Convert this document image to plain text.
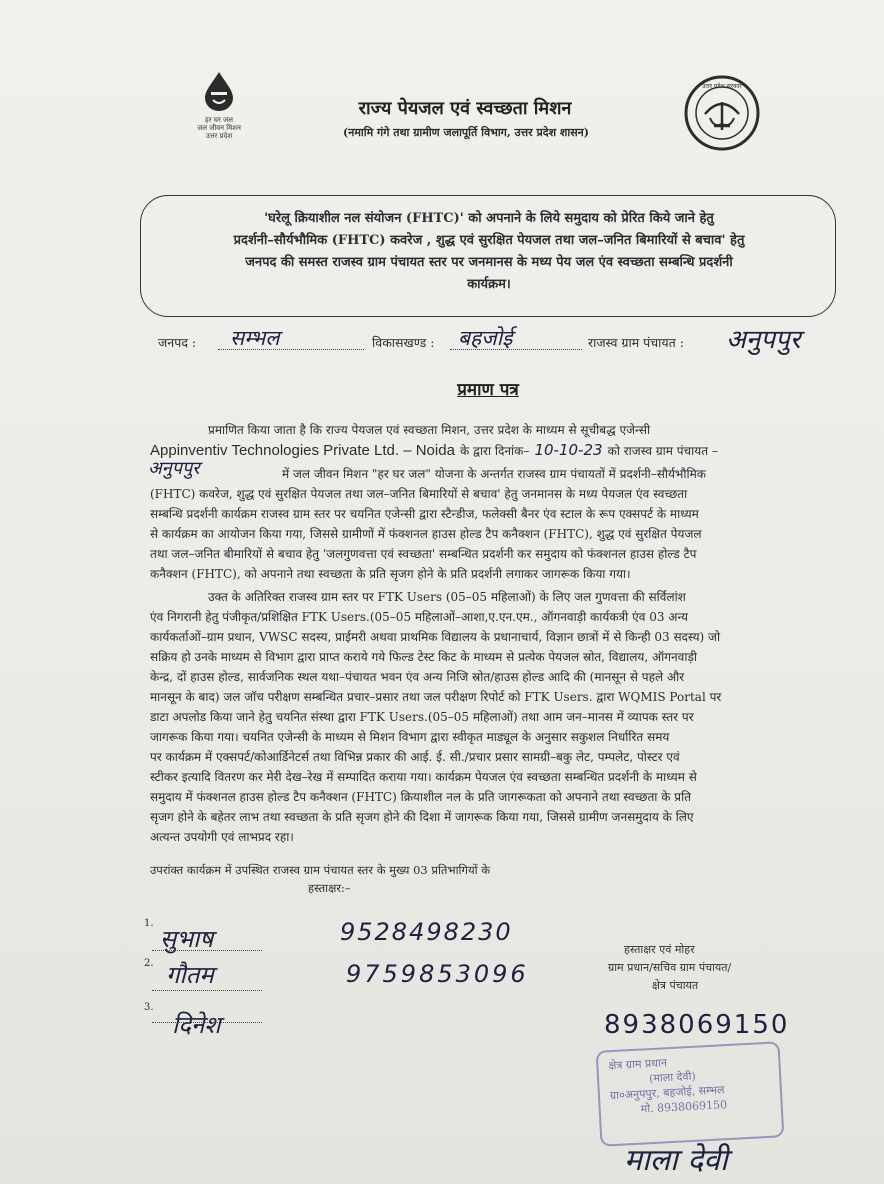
हर घर जल
जल जीवन मिशन
उत्तर प्रदेश
राज्य पेयजल एवं स्वच्छता मिशन
(नमामि गंगे तथा ग्रामीण जलापूर्ति विभाग, उत्तर प्रदेश शासन)
उत्तर प्रदेश सरकार
'घरेलू क्रियाशील नल संयोजन (FHTC)' को अपनाने के लिये समुदाय को प्रेरित किये जाने हेतु
प्रदर्शनी–सौर्यभौमिक (FHTC) कवरेज , शुद्ध एवं सुरक्षित पेयजल तथा जल–जनित बिमारियों से बचाव' हेतु
जनपद की समस्त राजस्व ग्राम पंचायत स्तर पर जनमानस के मध्य पेय जल एंव स्वच्छता सम्बन्धि प्रदर्शनी
कार्यक्रम।
जनपद : सम्भल	विकासखण्ड : बहजोई	राजस्व ग्राम पंचायत : अनुपपुर
प्रमाण पत्र
प्रमाणित किया जाता है कि राज्य पेयजल एवं स्वच्छता मिशन, उत्तर प्रदेश के माध्यम से सूचीबद्ध एजेन्सी
Appinventiv Technologies Private Ltd. – Noida के द्वारा दिनांक– 10-10-23 को राजस्व ग्राम पंचायत –
अनुपपुर	में जल जीवन मिशन "हर घर जल" योजना के अन्तर्गत राजस्व ग्राम पंचायतों में प्रदर्शनी–सौर्यभौमिक
(FHTC) कवरेज, शुद्ध एवं सुरक्षित पेयजल तथा जल–जनित बिमारियों से बचाव' हेतु जनमानस के मध्य पेयजल एंव स्वच्छता
सम्बन्धि प्रदर्शनी कार्यक्रम राजस्व ग्राम स्तर पर चयनित एजेन्सी द्वारा स्टैन्डीज, फलेक्सी बैनर एंव स्टाल के रूप एक्सपर्ट के माध्यम
से कार्यक्रम का आयोजन किया गया, जिससे ग्रामीणों में फंक्शनल हाउस होल्ड टैप कनैक्शन (FHTC), शुद्ध एवं सुरक्षित पेयजल
तथा जल–जनित बीमारियों से बचाव हेतु 'जलगुणवत्ता एवं स्वच्छता' सम्बन्धित प्रदर्शनी कर समुदाय को फंक्शनल हाउस होल्ड टैप
कनैक्शन (FHTC), को अपनाने तथा स्वच्छता के प्रति सृजग होने के प्रति प्रदर्शनी लगाकर जागरूक किया गया।
उक्त के अतिरिक्त राजस्व ग्राम स्तर पर FTK Users (05–05 महिलाओं) के लिए जल गुणवत्ता की सर्विलांश
एंव निगरानी हेतु पंजीकृत/प्रशिक्षित FTK Users.(05–05 महिलाओं–आशा,ए.एन.एम., ऑगनवाड़ी कार्यकत्री एंव 03 अन्य
कार्यकर्ताओं–ग्राम प्रधान, VWSC सदस्य, प्राईमरी अथवा प्राथमिक विद्यालय के प्रधानाचार्य, विज्ञान छात्रों में से किन्ही 03 सदस्य) जो
सक्रिय हो उनके माध्यम से विभाग द्वारा प्राप्त कराये गये फिल्ड टेस्ट किट के माध्यम से प्रत्येक पेयजल स्रोत, विद्यालय, ऑगनवाड़ी
केन्द्र, दों हाउस होल्ड, सार्वजनिक स्थल यथा–पंचायत भवन एंव अन्य निजि स्रोत/हाउस होल्ड आदि की (मानसून से पहले और
मानसून के बाद) जल जॉच परीक्षण सम्बन्धित प्रचार–प्रसार तथा जल परीक्षण रिपोर्ट को FTK Users. द्वारा WQMIS Portal पर
डाटा अपलोड किया जाने हेतु चयनित संस्था द्वारा FTK Users.(05–05 महिलाओं) तथा आम जन–मानस में व्यापक स्तर पर
जागरूक किया गया। चयनित एजेन्सी के माध्यम से मिशन विभाग द्वारा स्वीकृत माड्यूल के अनुसार सकुशल निर्धारित समय
पर कार्यक्रम में एक्सपर्ट/कोआर्डिनेटर्स तथा विभिन्न प्रकार की आई. ई. सी./प्रचार प्रसार सामग्री–बकु लेट, पम्पलेट, पोस्टर एवं
स्टीकर इत्यादि वितरण कर मेरी देख–रेख में सम्पादित कराया गया। कार्यक्रम पेयजल एंव स्वच्छता सम्बन्धित प्रदर्शनी के माध्यम से
समुदाय में फंक्शनल हाउस होल्ड टैप कनैक्शन (FHTC) क्रियाशील नल के प्रति जागरूकता को अपनाने तथा स्वच्छता के प्रति
सृजग होने के बहेतर लाभ तथा स्वच्छता के प्रति सृजग होने की दिशा में जागरूक किया गया, जिससे ग्रामीण जनसमुदाय के लिए
अत्यन्त उपयोगी एवं लाभप्रद रहा।
उपरांक्त कार्यक्रम में उपस्थित राजस्व ग्राम पंचायत स्तर के मुख्य 03 प्रतिभागियों के
हस्ताक्षर:–
1.
सुभाष	9528498230
2. गौतम	9759853096
3.
दिनेश
हस्ताक्षर एवं मोहर
ग्राम प्रधान/सचिव ग्राम पंचायत/
क्षेत्र पंचायत
8938069150
क्षेत्र ग्राम प्रधान
(माला देवी)
ग्रा०अनुपपुर, बहजोई, सम्भल
मो. 8938069150
माला देवी
